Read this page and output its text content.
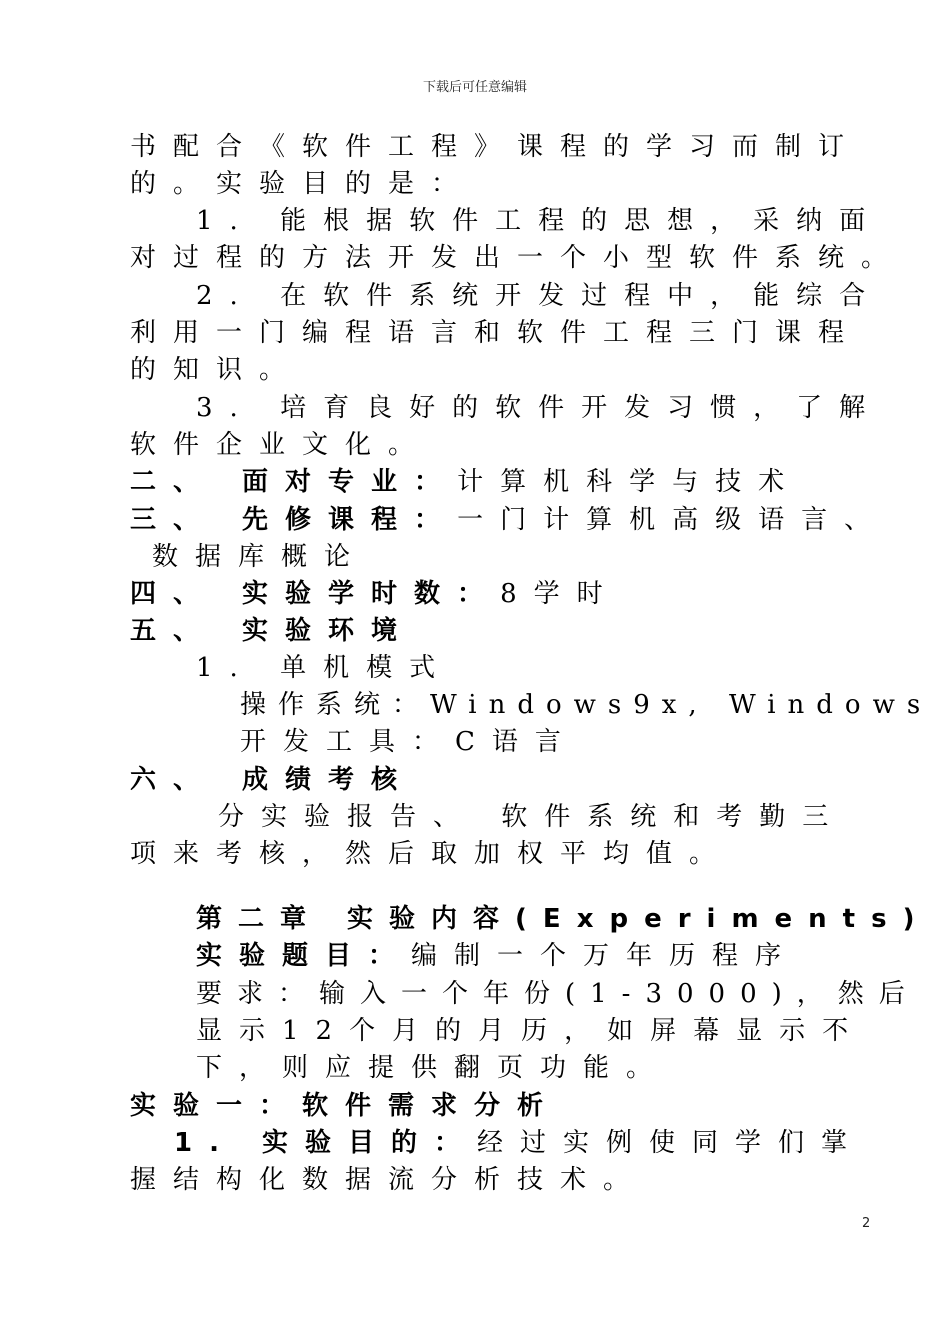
下载后可任意编辑
书配合《软件工程》课程的学习而制订
的。实验目的是：
1. 能根据软件工程的思想，采纳面
对过程的方法开发出一个小型软件系统。
2. 在软件系统开发过程中，能综合
利用一门编程语言和软件工程三门课程
的知识。
3. 培育良好的软件开发习惯，了解
软件企业文化。
二、 面对专业：计算机科学与技术
三、 先修课程：一门计算机高级语言、
数据库概论
四、 实验学时数：8学时
五、 实验环境
1. 单机模式
操作系统：Windows9x, Windows
开发工具：C语言
六、 成绩考核
分实验报告、 软件系统和考勤三
项来考核，然后取加权平均值。
第二章 实验内容(Experiments)
实验题目：编制一个万年历程序
要求：输入一个年份(1-3000)，然后
显示12个月的月历，如屏幕显示不
下，则应提供翻页功能。
实验一：软件需求分析
1. 实验目的：经过实例使同学们掌
握结构化数据流分析技术。
2
